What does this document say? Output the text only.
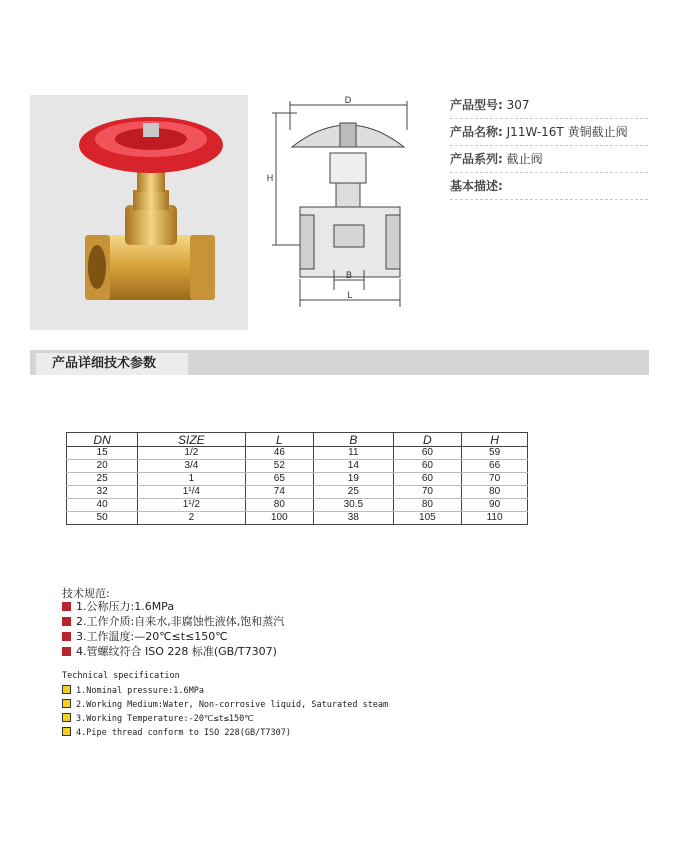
D
H
B
L
产品型号: 307
产品名称: J11W-16T 黄铜截止阀
产品系列: 截止阀
基本描述:
产品详细技术参数
DN	SIZE	L	B	D	H
15	1/2	46	11	60	59
20	3/4	52	14	60	66
25	1	65	19	60	70
32	1¹/4	74	25	70	80
40	1¹/2	80	30.5	80	90
50	2	100	38	105	110
技术规范:
1.公称压力:1.6MPa
2.工作介质:自来水,非腐蚀性液体,饱和蒸汽
3.工作温度:—20℃≤t≤150℃
4.管螺纹符合 ISO 228 标准(GB/T7307)
Technical specification
1.Nominal pressure:1.6MPa
2.Working Medium:Water, Non-corrosive liquid, Saturated steam
3.Working Temperature:-20℃≤t≤150℃
4.Pipe thread conform to ISO 228(GB/T7307)
